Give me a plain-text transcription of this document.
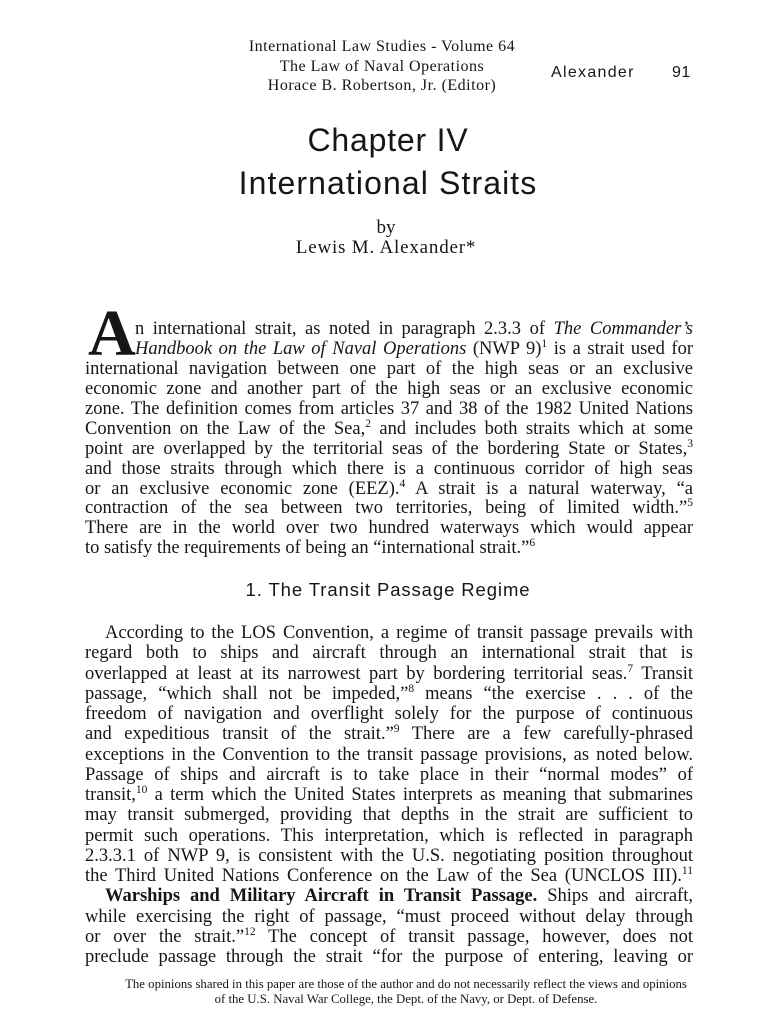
International Law Studies - Volume 64
The Law of Naval Operations
Horace B. Robertson, Jr. (Editor)
Alexander 91
Chapter IV
International Straits
by
Lewis M. Alexander*
A n international strait, as noted in paragraph 2.3.3 of The Commander’s
Handbook on the Law of Naval Operations (NWP 9)$^1$ is a strait used for
international navigation between one part of the high seas or an exclusive
economic zone and another part of the high seas or an exclusive economic
zone. The definition comes from articles 37 and 38 of the 1982 United Nations
Convention on the Law of the Sea,$^2$ and includes both straits which at some
point are overlapped by the territorial seas of the bordering State or States,$^3$
and those straits through which there is a continuous corridor of high seas
or an exclusive economic zone (EEZ).$^4$ A strait is a natural waterway, “a
contraction of the sea between two territories, being of limited width.”$^5$
There are in the world over two hundred waterways which would appear
to satisfy the requirements of being an “international strait.”$^6$
1. The Transit Passage Regime
According to the LOS Convention, a regime of transit passage prevails with
regard both to ships and aircraft through an international strait that is
overlapped at least at its narrowest part by bordering territorial seas.$^7$ Transit
passage, “which shall not be impeded,”$^8$ means “the exercise . . . of the
freedom of navigation and overflight solely for the purpose of continuous
and expeditious transit of the strait.”$^9$ There are a few carefully-phrased
exceptions in the Convention to the transit passage provisions, as noted below.
Passage of ships and aircraft is to take place in their “normal modes” of
transit,$^{10}$ a term which the United States interprets as meaning that submarines
may transit submerged, providing that depths in the strait are sufficient to
permit such operations. This interpretation, which is reflected in paragraph
2.3.3.1 of NWP 9, is consistent with the U.S. negotiating position throughout
the Third United Nations Conference on the Law of the Sea (UNCLOS III).$^{11}$
Warships and Military Aircraft in Transit Passage. Ships and aircraft,
while exercising the right of passage, “must proceed without delay through
or over the strait.”$^{12}$ The concept of transit passage, however, does not
preclude passage through the strait “for the purpose of entering, leaving or
The opinions shared in this paper are those of the author and do not necessarily reflect the views and opinions
of the U.S. Naval War College, the Dept. of the Navy, or Dept. of Defense.
